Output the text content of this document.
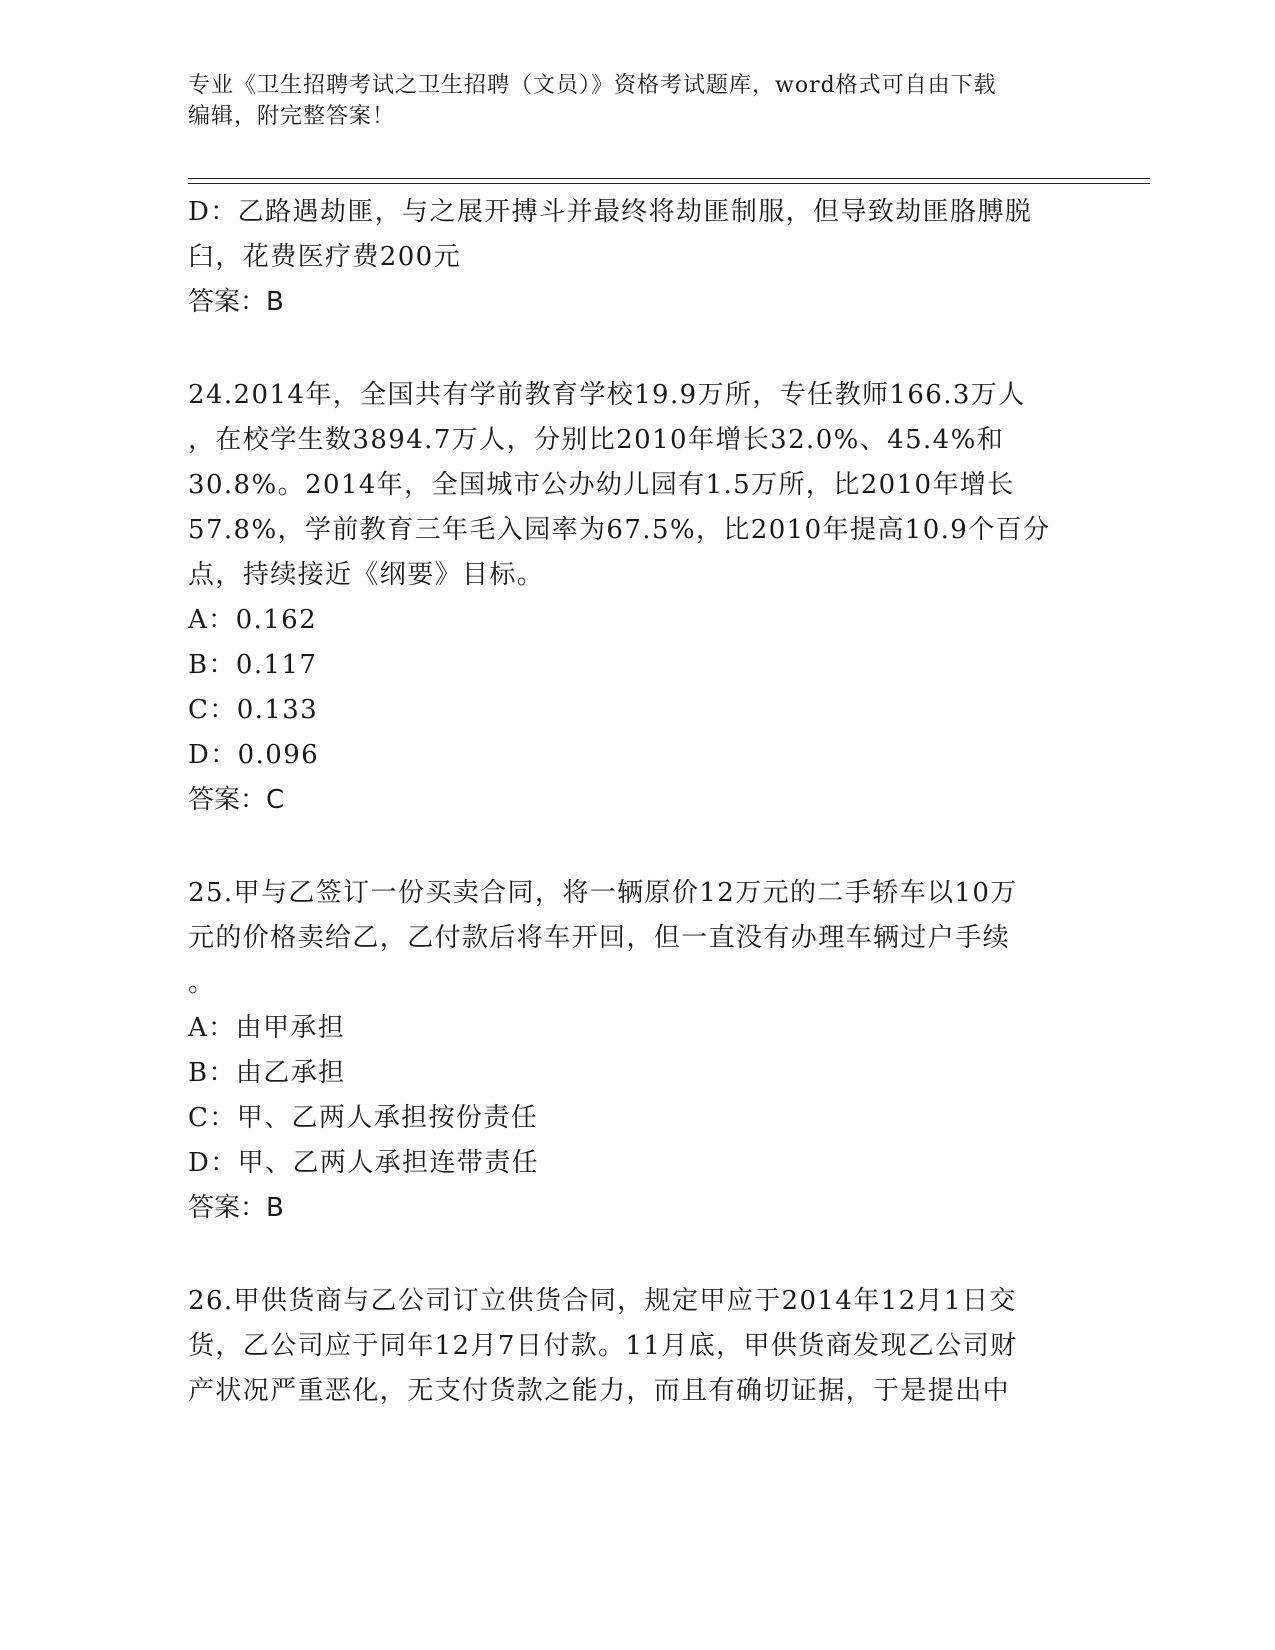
专业《卫生招聘考试之卫生招聘（文员）》资格考试题库，word格式可自由下载
编辑，附完整答案！
D：乙路遇劫匪，与之展开搏斗并最终将劫匪制服，但导致劫匪胳膊脱
臼，花费医疗费200元
答案：B
24.2014年，全国共有学前教育学校19.9万所，专任教师166.3万人
，在校学生数3894.7万人，分别比2010年增长32.0%、45.4%和
30.8%。2014年，全国城市公办幼儿园有1.5万所，比2010年增长
57.8%，学前教育三年毛入园率为67.5%，比2010年提高10.9个百分
点，持续接近《纲要》目标。
A：0.162
B：0.117
C：0.133
D：0.096
答案：C
25.甲与乙签订一份买卖合同，将一辆原价12万元的二手轿车以10万
元的价格卖给乙，乙付款后将车开回，但一直没有办理车辆过户手续
。
A：由甲承担
B：由乙承担
C：甲、乙两人承担按份责任
D：甲、乙两人承担连带责任
答案：B
26.甲供货商与乙公司订立供货合同，规定甲应于2014年12月1日交
货，乙公司应于同年12月7日付款。11月底，甲供货商发现乙公司财
产状况严重恶化，无支付货款之能力，而且有确切证据，于是提出中
